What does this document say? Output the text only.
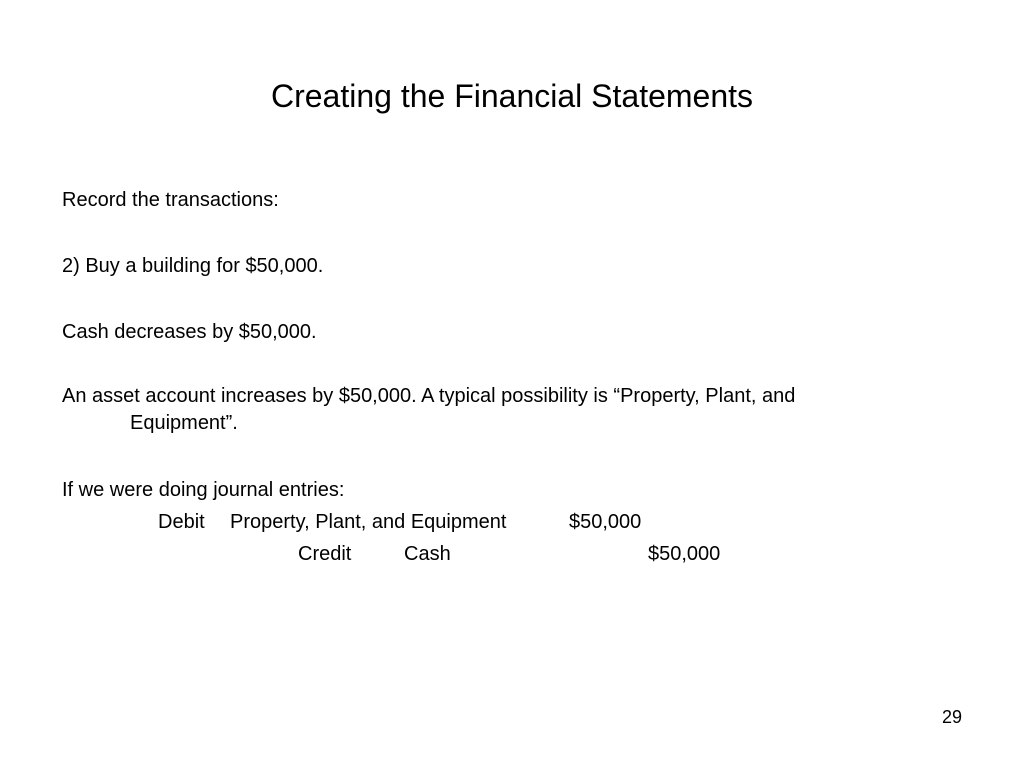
Creating the Financial Statements
Record the transactions:
2) Buy a building for $50,000.
Cash decreases by $50,000.
An asset account increases by $50,000. A typical possibility is “Property, Plant, and
Equipment”.
If we were doing journal entries:
Debit Property, Plant, and Equipment	$50,000
Credit	Cash	$50,000
29
